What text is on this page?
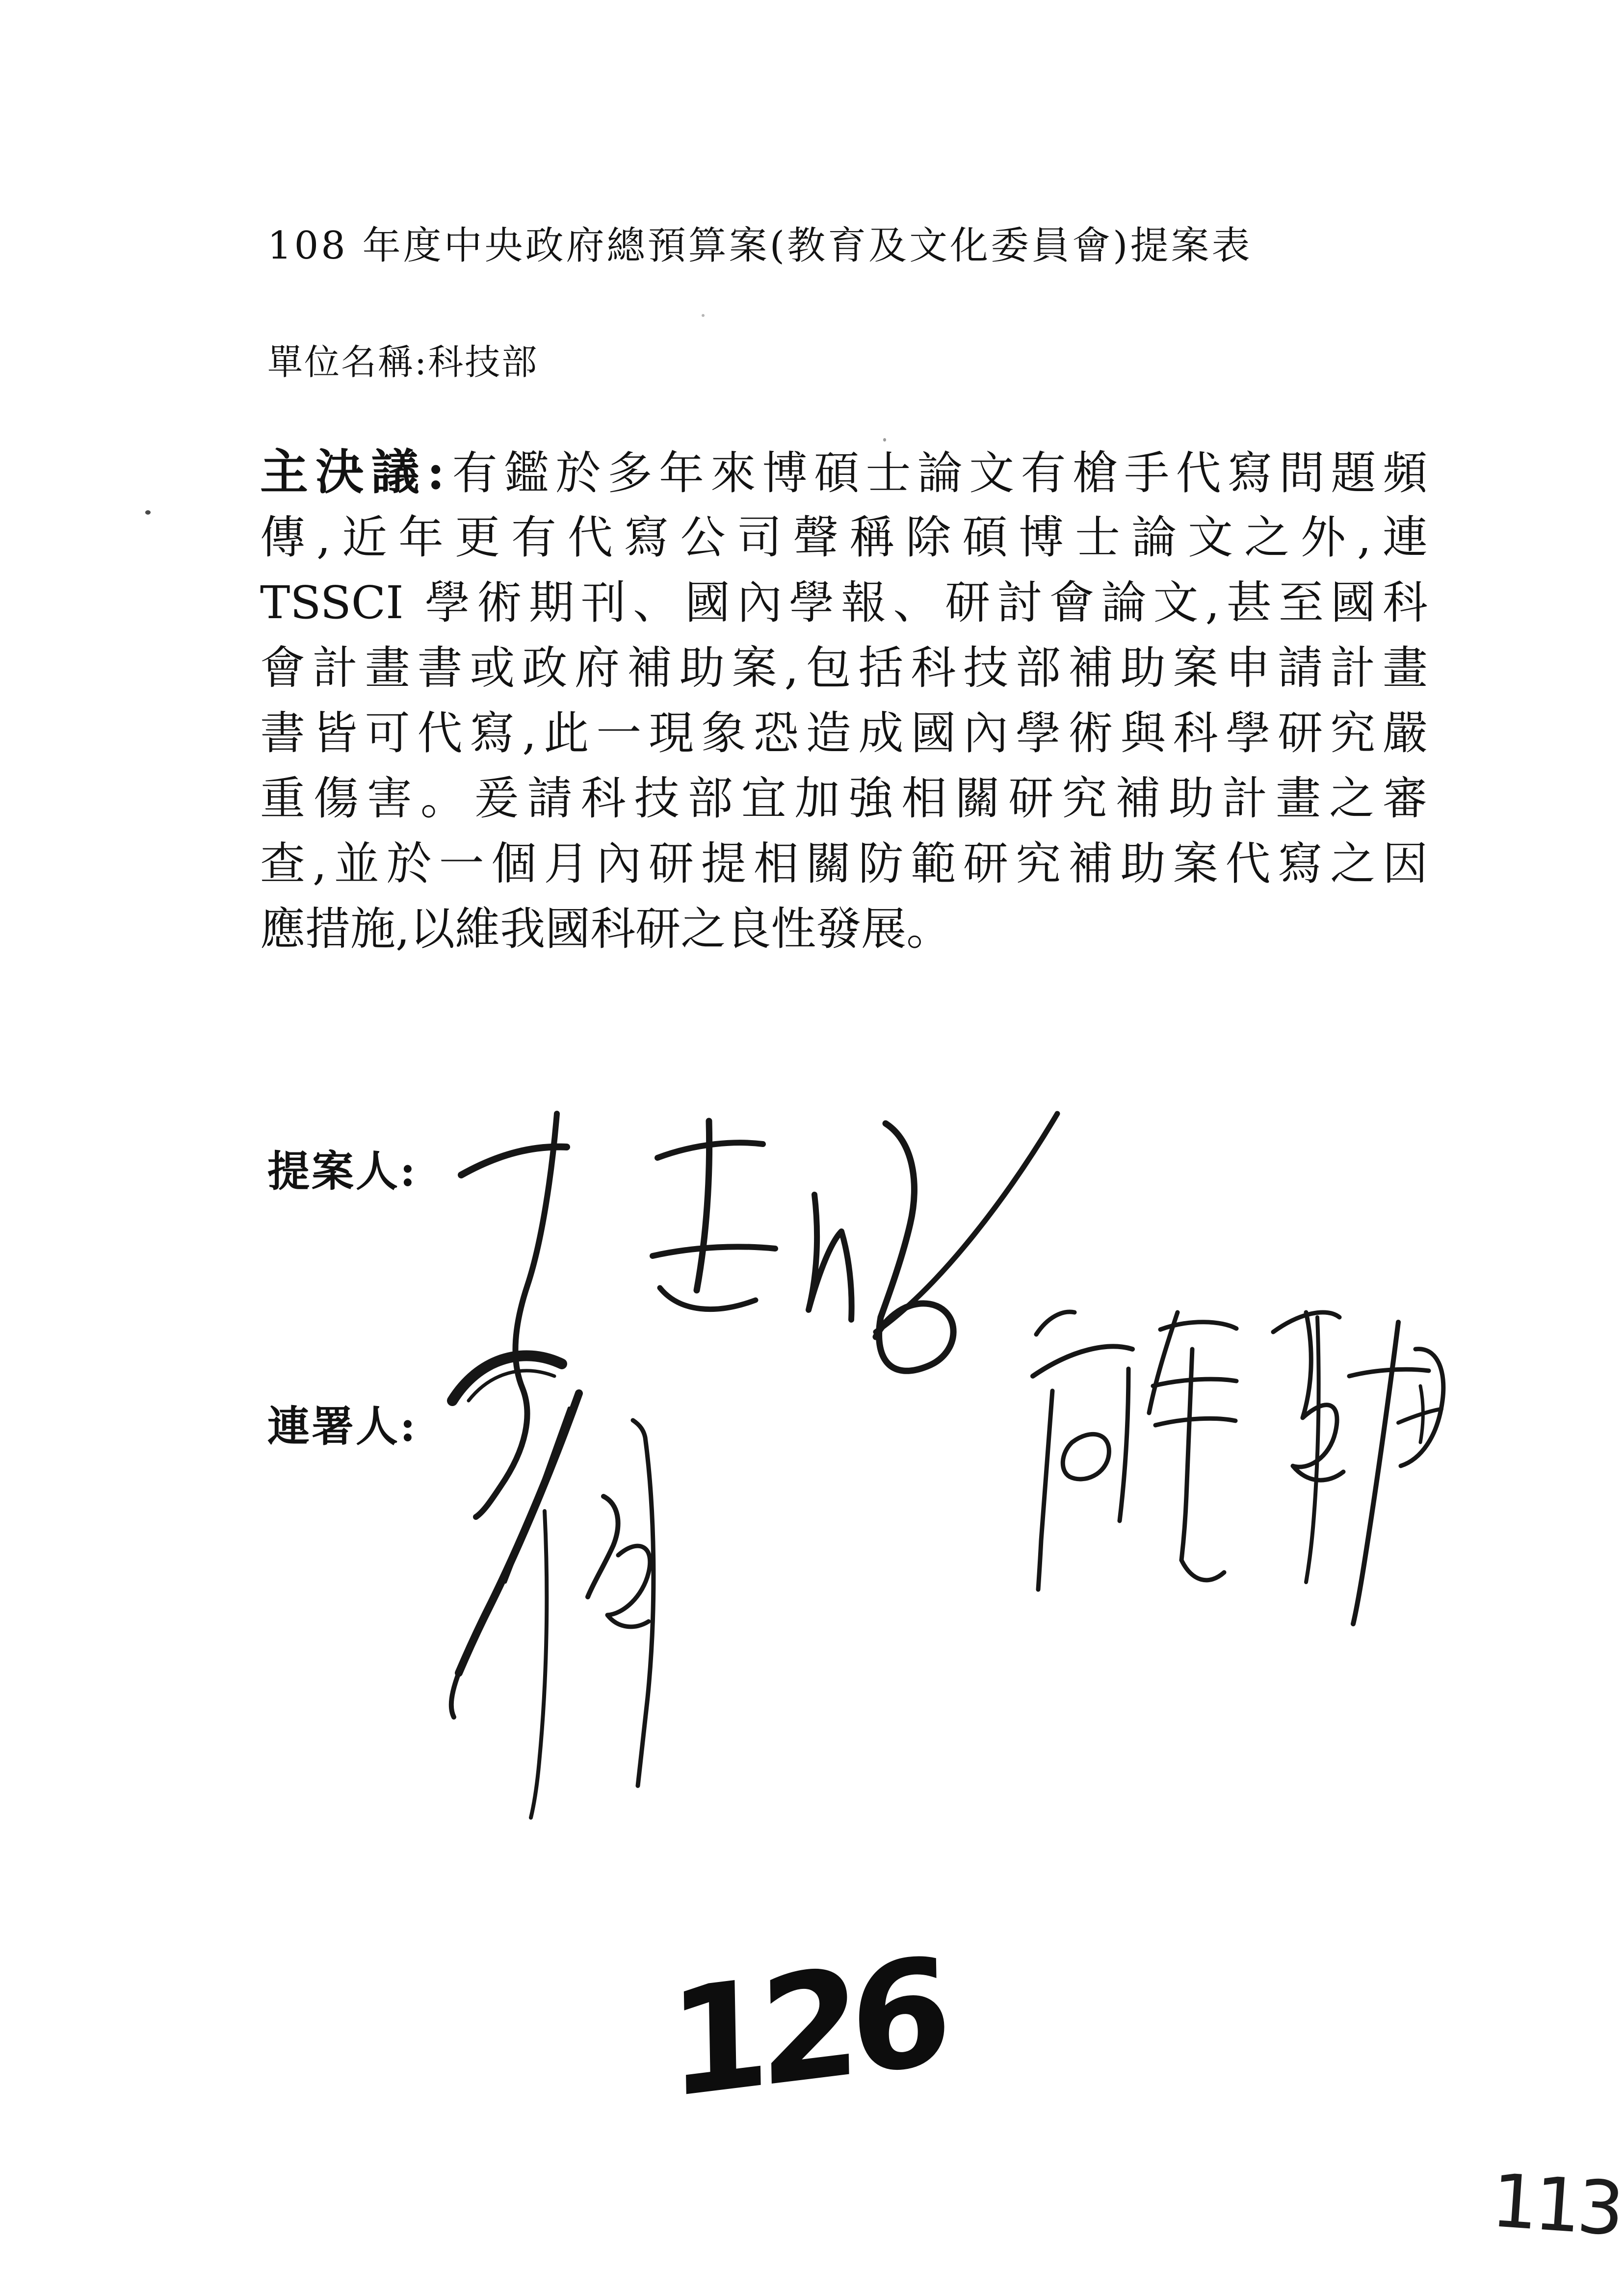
108 年度中央政府總預算案(教育及文化委員會)提案表
單位名稱:科技部
主決議:有鑑於多年來博碩士論文有槍手代寫問題頻
傳,近年更有代寫公司聲稱除碩博士論文之外,連
TSSCI 學術期刊、國內學報、研討會論文,甚至國科
會計畫書或政府補助案,包括科技部補助案申請計畫
書皆可代寫,此一現象恐造成國內學術與科學研究嚴
重傷害。爰請科技部宜加強相關研究補助計畫之審
查,並於一個月內研提相關防範研究補助案代寫之因
應措施,以維我國科研之良性發展。
提案人:
連署人:
126
113
